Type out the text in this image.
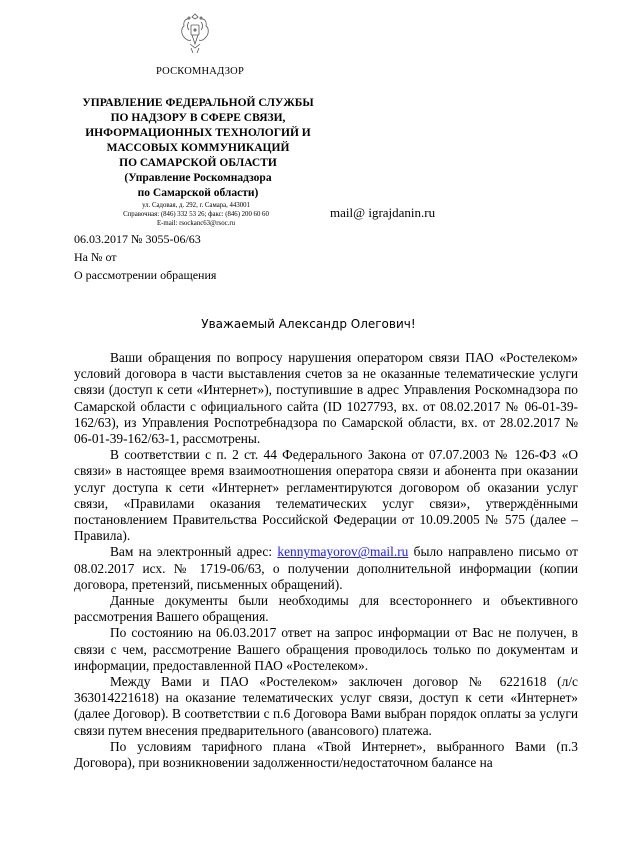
РОСКОМНАДЗОР
УПРАВЛЕНИЕ ФЕДЕРАЛЬНОЙ СЛУЖБЫ
ПО НАДЗОРУ В СФЕРЕ СВЯЗИ,
ИНФОРМАЦИОННЫХ ТЕХНОЛОГИЙ И
МАССОВЫХ КОММУНИКАЦИЙ
ПО САМАРСКОЙ ОБЛАСТИ
(Управление Роскомнадзора
по Самарской области)
ул. Садовая, д. 292, г. Самара, 443001
Справочная: (846) 332 53 26; факс: (846) 200 60 60
E-mail: rsockanc63@rsoc.ru
mail@ igrajdanin.ru
06.03.2017 № 3055-06/63
На № от
О рассмотрении обращения
Уважаемый Александр Олегович!

Ваши обращения по вопросу нарушения оператором связи ПАО «Ростелеком» условий договора в части выставления счетов за не оказанные телематические услуги связи (доступ к сети «Интернет»), поступившие в адрес Управления Роскомнадзора по Самарской области с официального сайта (ID 1027793, вх. от 08.02.2017 № 06-01-39-162/63), из Управления Роспотребнадзора по Самарской области, вх. от 28.02.2017 № 06-01-39-162/63-1, рассмотрены.

В соответствии с п. 2 ст. 44 Федерального Закона от 07.07.2003 № 126-ФЗ «О связи» в настоящее время взаимоотношения оператора связи и абонента при оказании услуг доступа к сети «Интернет» регламентируются договором об оказании услуг связи, «Правилами оказания телематических услуг связи», утверждёнными постановлением Правительства Российской Федерации от 10.09.2005 № 575 (далее – Правила).

Вам на электронный адрес: kennymayorov@mail.ru было направлено письмо от 08.02.2017 исх. № 1719-06/63, о получении дополнительной информации (копии договора, претензий, письменных обращений).

Данные документы были необходимы для всестороннего и объективного рассмотрения Вашего обращения.

По состоянию на 06.03.2017 ответ на запрос информации от Вас не получен, в связи с чем, рассмотрение Вашего обращения проводилось только по документам и информации, предоставленной ПАО «Ростелеком».

Между Вами и ПАО «Ростелеком» заключен договор № 6221618 (л/с 363014221618) на оказание телематических услуг связи, доступ к сети «Интернет» (далее Договор). В соответствии с п.6 Договора Вами выбран порядок оплаты за услуги связи путем внесения предварительного (авансового) платежа.

По условиям тарифного плана «Твой Интернет», выбранного Вами (п.3 Договора), при возникновении задолженности/недостаточном балансе на
